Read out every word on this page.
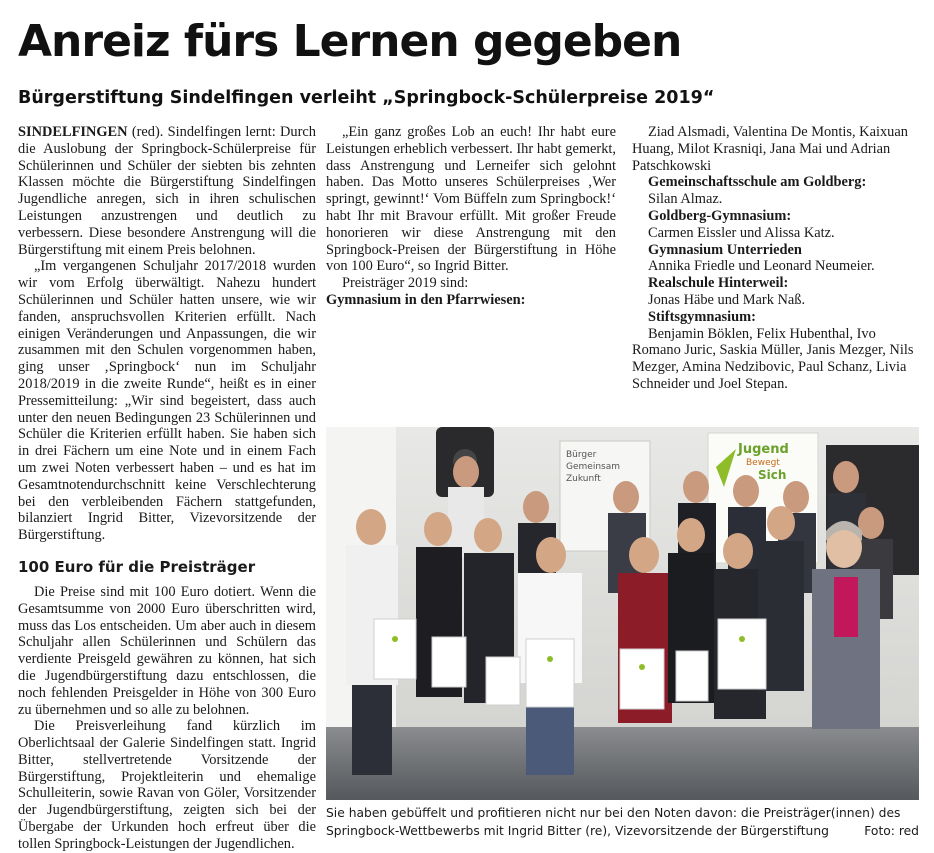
Anreiz fürs Lernen gegeben
Bürgerstiftung Sindelfingen verleiht „Springbock-Schülerpreise 2019“

SINDELFINGEN (red). Sindelfingen lernt: Durch die Auslobung der Springbock-Schülerpreise für Schülerinnen und Schüler der siebten bis zehnten Klassen möchte die Bürgerstiftung Sindelfingen Jugendliche anregen, sich in ihren schulischen Leistungen anzustrengen und deutlich zu verbessern. Diese besondere Anstrengung will die Bürgerstiftung mit einem Preis belohnen.

„Im vergangenen Schuljahr 2017/2018 wurden wir vom Erfolg überwältigt. Nahezu hundert Schülerinnen und Schüler hatten unsere, wie wir fanden, anspruchsvollen Kriterien erfüllt. Nach einigen Veränderungen und Anpassungen, die wir zusammen mit den Schulen vorgenommen haben, ging unser ‚Springbock‘ nun im Schuljahr 2018/2019 in die zweite Runde“, heißt es in einer Pressemitteilung: „Wir sind begeistert, dass auch unter den neuen Bedingungen 23 Schülerinnen und Schüler die Kriterien erfüllt haben. Sie haben sich in drei Fächern um eine Note und in einem Fach um zwei Noten verbessert haben – und es hat im Gesamtnotendurchschnitt keine Verschlechterung bei den verbleibenden Fächern stattgefunden, bilanziert Ingrid Bitter, Vizevorsitzende der Bürgerstiftung.

100 Euro für die Preisträger

Die Preise sind mit 100 Euro dotiert. Wenn die Gesamtsumme von 2000 Euro überschritten wird, muss das Los entscheiden. Um aber auch in diesem Schuljahr allen Schülerinnen und Schülern das verdiente Preisgeld gewähren zu können, hat sich die Jugendbürgerstiftung dazu entschlossen, die noch fehlenden Preisgelder in Höhe von 300 Euro zu übernehmen und so alle zu belohnen.

Die Preisverleihung fand kürzlich im Oberlichtsaal der Galerie Sindelfingen statt. Ingrid Bitter, stellvertretende Vorsitzende der Bürgerstiftung, Projektleiterin und ehemalige Schulleiterin, sowie Ravan von Göler, Vorsitzender der Jugendbürgerstiftung, zeigten sich bei der Übergabe der Urkunden hoch erfreut über die tollen Springbock-Leistungen der Jugendlichen.

„Ein ganz großes Lob an euch! Ihr habt eure Leistungen erheblich verbessert. Ihr habt gemerkt, dass Anstrengung und Lerneifer sich gelohnt haben. Das Motto unseres Schülerpreises ‚Wer springt, gewinnt!‘ Vom Büffeln zum Springbock!‘ habt Ihr mit Bravour erfüllt. Mit großer Freude honorieren wir diese Anstrengung mit den Springbock-Preisen der Bürgerstiftung in Höhe von 100 Euro“, so Ingrid Bitter.

Preisträger 2019 sind:

Gymnasium in den Pfarrwiesen:

Ziad Alsmadi, Valentina De Montis, Kaixuan Huang, Milot Krasniqi, Jana Mai und Adrian Patschkowski

Gemeinschaftsschule am Goldberg:

Silan Almaz.

Goldberg-Gymnasium:

Carmen Eissler und Alissa Katz.

Gymnasium Unterrieden

Annika Friedle und Leonard Neumeier.

Realschule Hinterweil:

Jonas Häbe und Mark Naß.

Stiftsgymnasium:

Benjamin Böklen, Felix Hubenthal, Ivo Romano Juric, Saskia Müller, Janis Mezger, Nils Mezger, Amina Nedzibovic, Paul Schanz, Livia Schneider und Joel Stepan.

Bürger
Gemeinsam
Zukunft
Jugend
Bewegt
Sich
Sie haben gebüffelt und profitieren nicht nur bei den Noten davon: die Preisträger(innen) des
Springbock-Wettbewerbs mit Ingrid Bitter (re), Vizevorsitzende der Bürgerstiftung	Foto: red
